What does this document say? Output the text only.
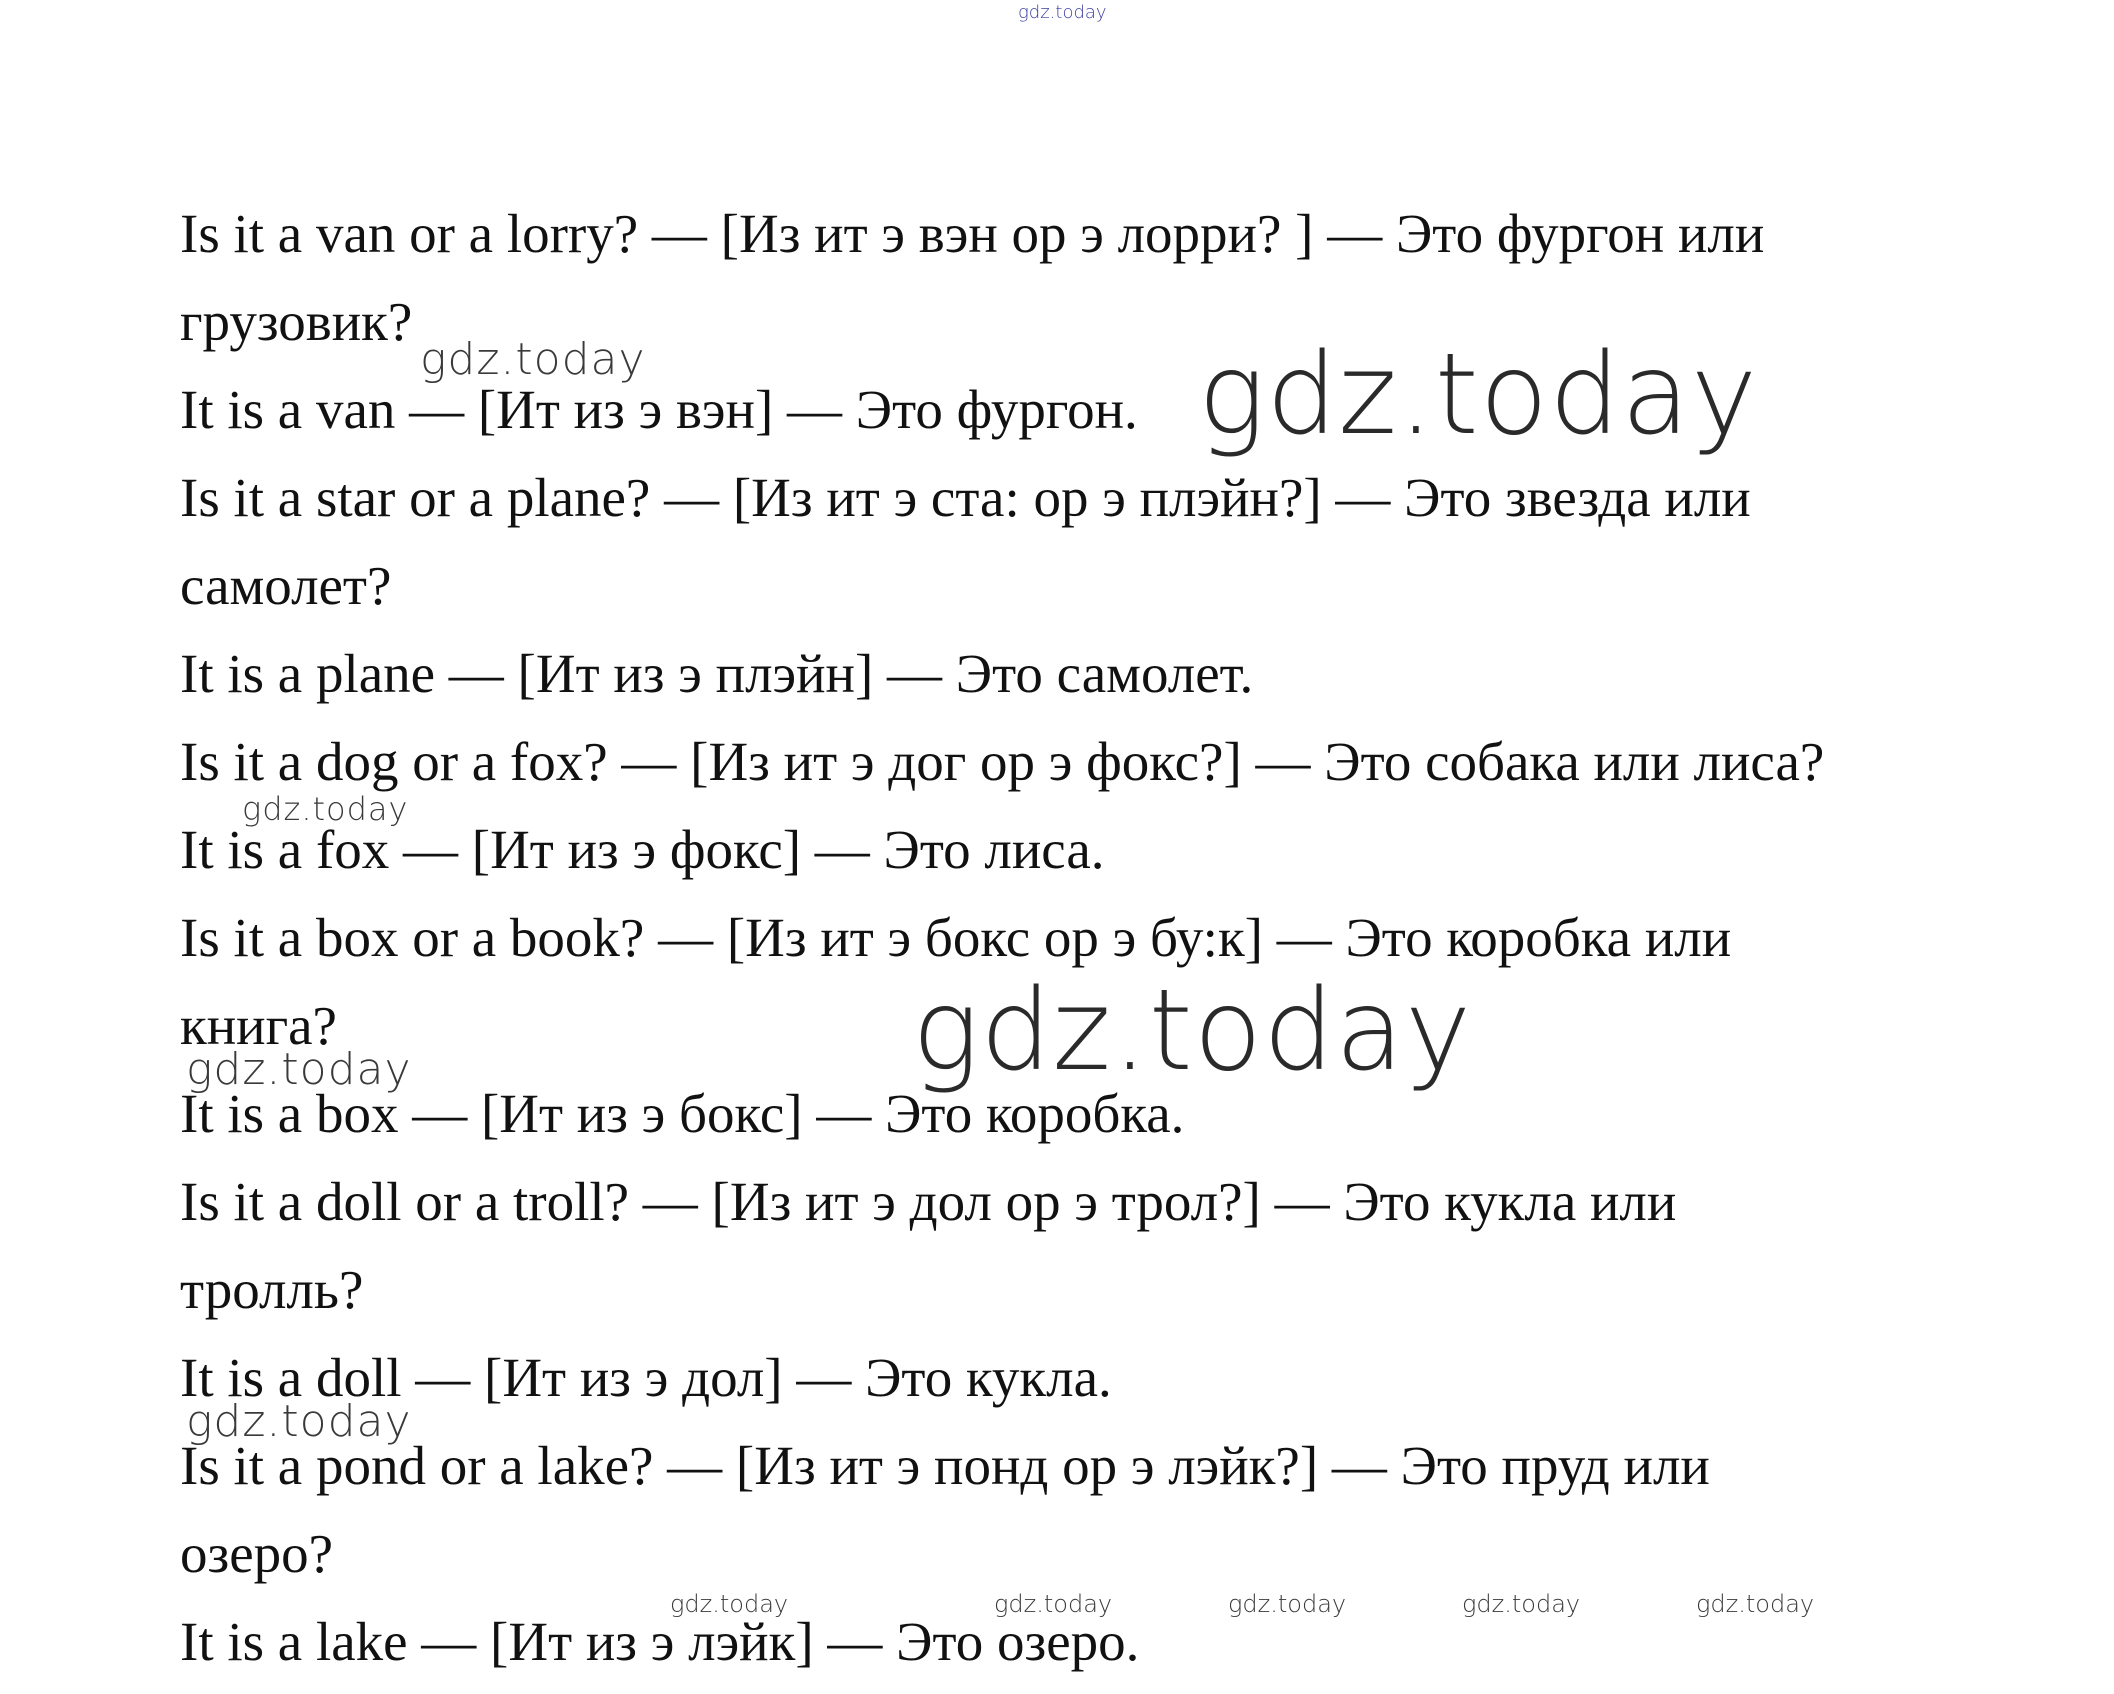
gdz.today
Is it a van or a lorry? — [Из ит э вэн ор э лорри? ] — Это фургон или
грузовик?
It is a van — [Ит из э вэн] — Это фургон.
Is it a star or a plane? — [Из ит э ста: ор э плэйн?] — Это звезда или
самолет?
It is a plane — [Ит из э плэйн] — Это самолет.
Is it a dog or a fox? — [Из ит э дог ор э фокс?] — Это собака или лиса?
It is a fox — [Ит из э фокс] — Это лиса.
Is it a box or a book? — [Из ит э бокс ор э бу:к] — Это коробка или
книга?
It is a box — [Ит из э бокс] — Это коробка.
Is it a doll or a troll? — [Из ит э дол ор э трол?] — Это кукла или
тролль?
It is a doll — [Ит из э дол] — Это кукла.
Is it a pond or a lake? — [Из ит э понд ор э лэйк?] — Это пруд или
озеро?
It is a lake — [Ит из э лэйк] — Это озеро.
gdz.today	gdz.today
gdz.today
gdz.today
gdz.today
gdz.today
gdz.today	gdz.today	gdz.today	gdz.today	gdz.today
